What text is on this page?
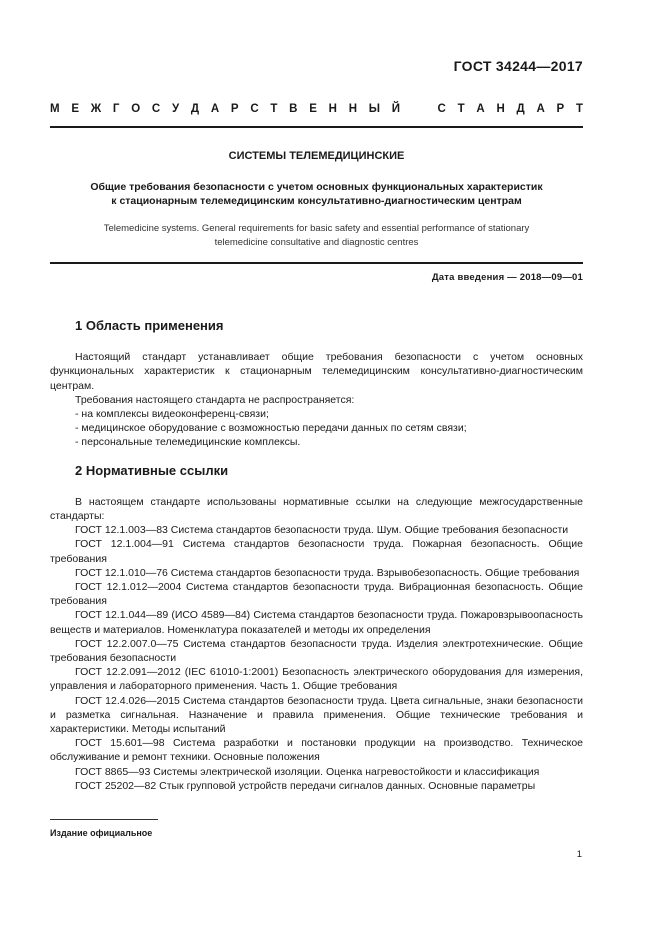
ГОСТ 34244—2017
М Е Ж Г О С У Д А Р С Т В Е Н Н Ы Й	С Т А Н Д А Р Т
СИСТЕМЫ ТЕЛЕМЕДИЦИНСКИЕ
Общие требования безопасности с учетом основных функциональных характеристик
к стационарным телемедицинским консультативно-диагностическим центрам
Telemedicine systems. General requirements for basic safety and essential performance of stationary
telemedicine consultative and diagnostic centres
Дата введения — 2018—09—01

1 Область применения

Настоящий стандарт устанавливает общие требования безопасности с учетом основных функциональных характеристик к стационарным телемедицинским консультативно-диагностическим центрам.

Требования настоящего стандарта не распространяется:

- на комплексы видеоконференц-связи;

- медицинское оборудование с возможностью передачи данных по сетям связи;

- персональные телемедицинские комплексы.

2 Нормативные ссылки

В настоящем стандарте использованы нормативные ссылки на следующие межгосударственные стандарты:

ГОСТ 12.1.003—83 Система стандартов безопасности труда. Шум. Общие требования безопасности

ГОСТ 12.1.004—91 Система стандартов безопасности труда. Пожарная безопасность. Общие требования

ГОСТ 12.1.010—76 Система стандартов безопасности труда. Взрывобезопасность. Общие требования

ГОСТ 12.1.012—2004 Система стандартов безопасности труда. Вибрационная безопасность. Общие требования

ГОСТ 12.1.044—89 (ИСО 4589—84) Система стандартов безопасности труда. Пожаровзрывоопасность веществ и материалов. Номенклатура показателей и методы их определения

ГОСТ 12.2.007.0—75 Система стандартов безопасности труда. Изделия электротехнические. Общие требования безопасности

ГОСТ 12.2.091—2012 (IEC 61010-1:2001) Безопасность электрического оборудования для измерения, управления и лабораторного применения. Часть 1. Общие требования

ГОСТ 12.4.026—2015 Система стандартов безопасности труда. Цвета сигнальные, знаки безопасности и разметка сигнальная. Назначение и правила применения. Общие технические требования и характеристики. Методы испытаний

ГОСТ 15.601—98 Система разработки и постановки продукции на производство. Техническое обслуживание и ремонт техники. Основные положения

ГОСТ 8865—93 Системы электрической изоляции. Оценка нагревостойкости и классификация

ГОСТ 25202—82 Стык групповой устройств передачи сигналов данных. Основные параметры

Издание официальное
1
